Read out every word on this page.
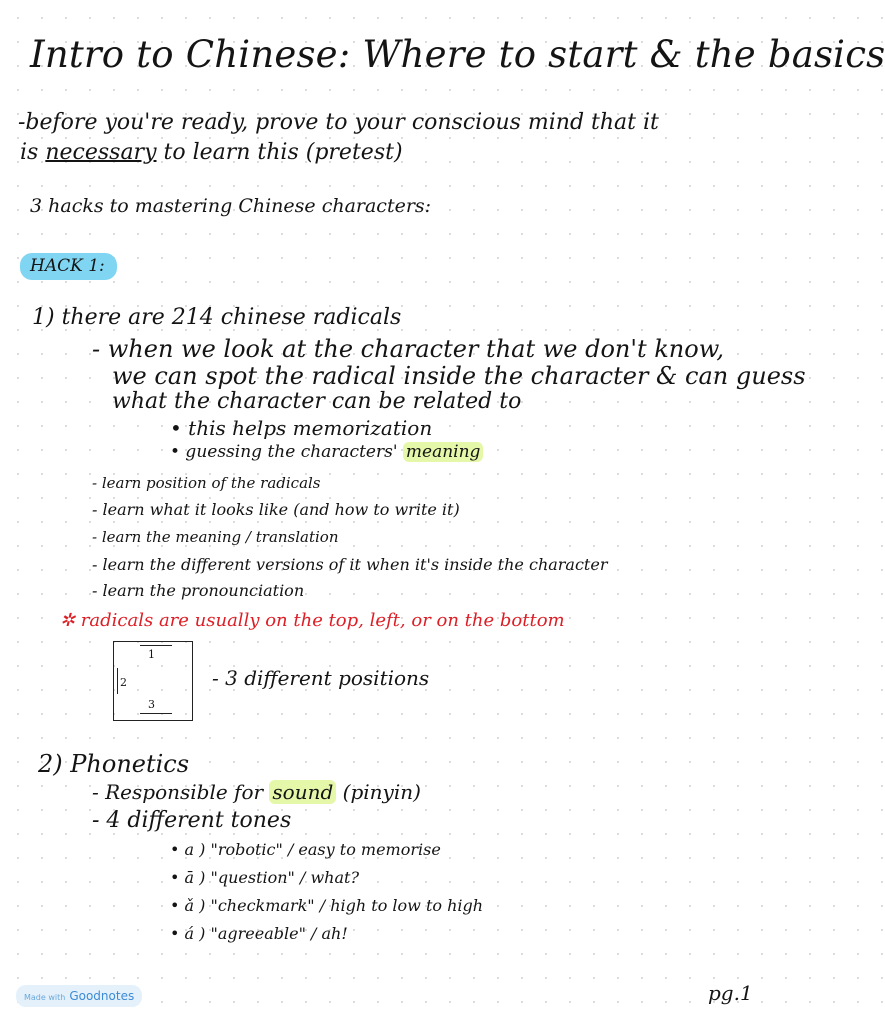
Intro to Chinese: Where to start & the basics
-before you're ready, prove to your conscious mind that it
is necessary to learn this (pretest)
3 hacks to mastering Chinese characters:
HACK 1:
1) there are 214 chinese radicals
- when we look at the character that we don't know,
we can spot the radical inside the character & can guess
what the character can be related to
• this helps memorization
• guessing the characters' meaning
- learn position of the radicals
- learn what it looks like (and how to write it)
- learn the meaning / translation
- learn the different versions of it when it's inside the character
- learn the pronounciation
✲ radicals are usually on the top, left, or on the bottom
1
2
3
- 3 different positions
2) Phonetics
- Responsible for sound (pinyin)
- 4 different tones
• a ) "robotic" / easy to memorise
• ā ) "question" / what?
• ǎ ) "checkmark" / high to low to high
• á ) "agreeable" / ah!
Made with Goodnotes	pg.1
